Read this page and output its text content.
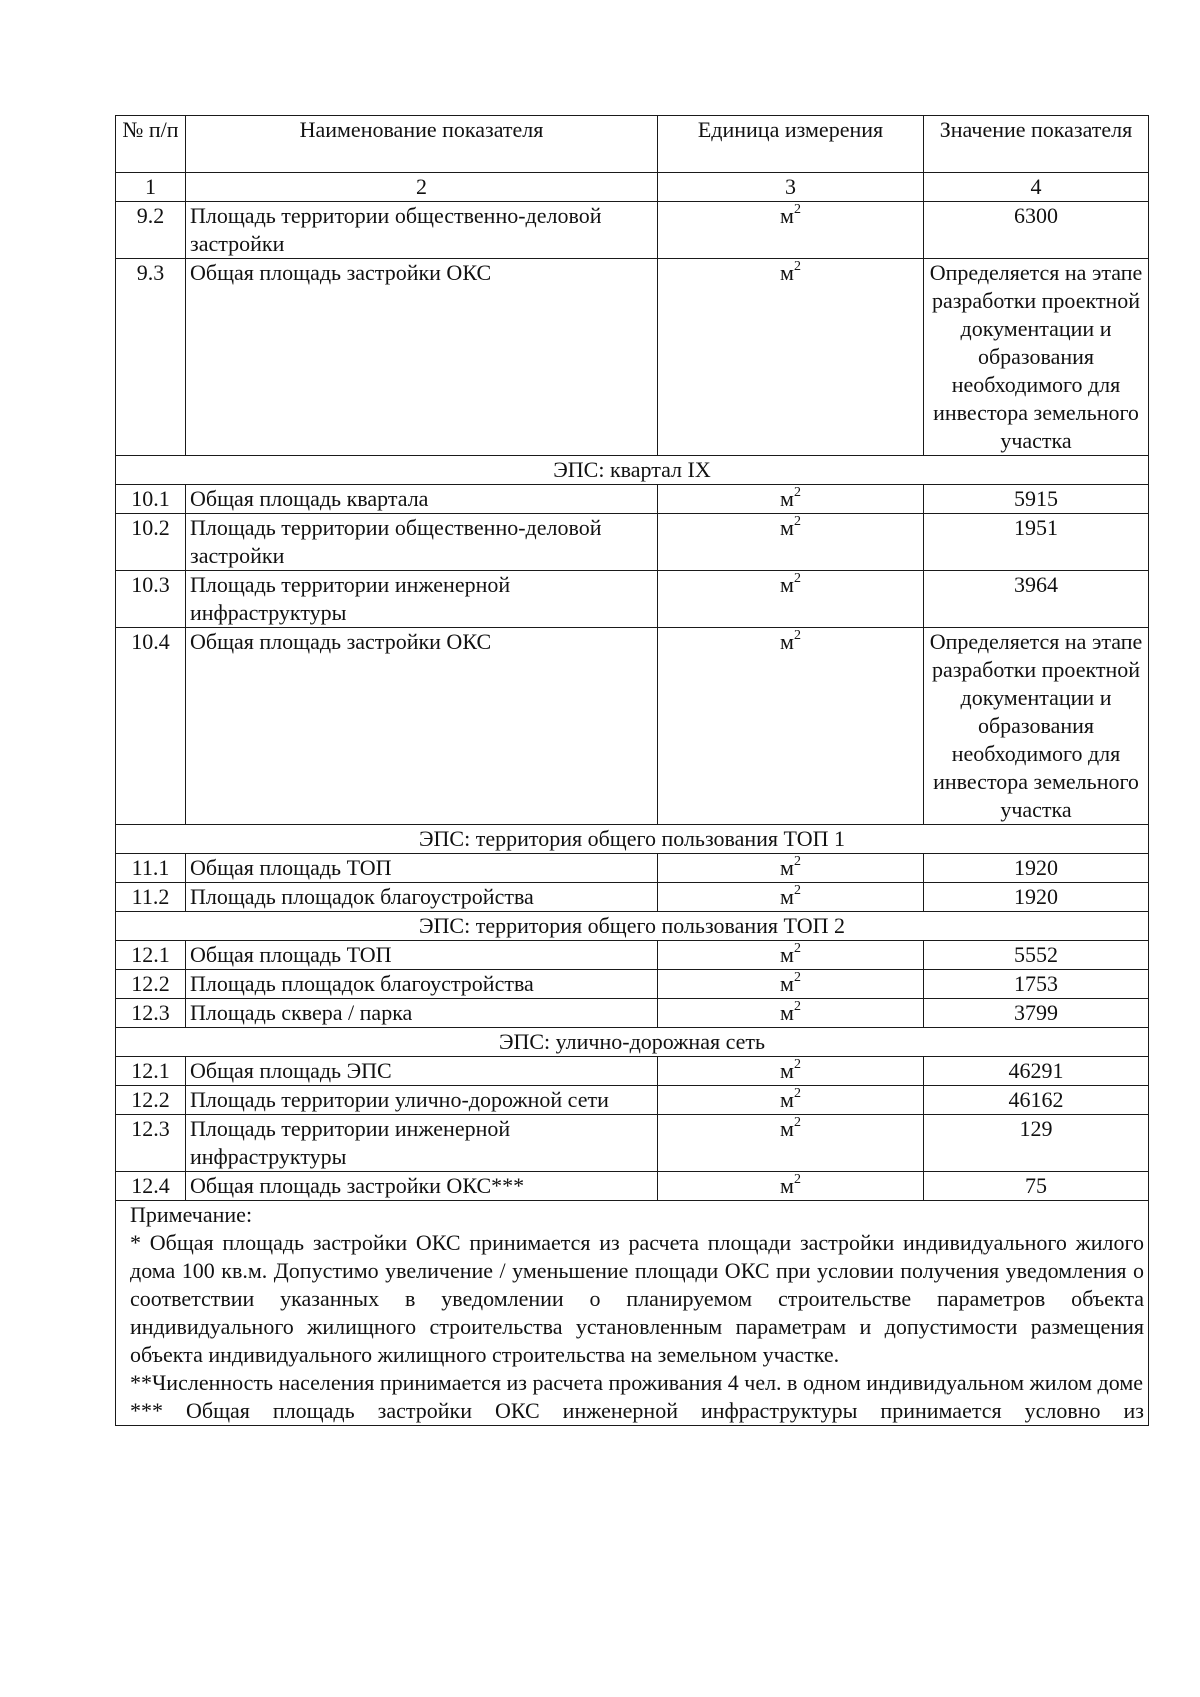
№ п/п	Наименование показателя	Единица измерения	Значение показателя
1	2	3	4
9.2	Площадь территории общественно-деловой застройки	$м^2$	6300
9.3	Общая площадь застройки ОКС	$м^2$	Определяется на этапе разработки проектной документации и образования необходимого для инвестора земельного участка
ЭПС: квартал IX			
10.1	Общая площадь квартала	$м^2$	5915
10.2	Площадь территории общественно-деловой застройки	$м^2$	1951
10.3	Площадь территории инженерной инфраструктуры	$м^2$	3964
10.4	Общая площадь застройки ОКС	$м^2$	Определяется на этапе разработки проектной документации и образования необходимого для инвестора земельного участка
ЭПС: территория общего пользования ТОП 1			
11.1	Общая площадь ТОП	$м^2$	1920
11.2	Площадь площадок благоустройства	$м^2$	1920
ЭПС: территория общего пользования ТОП 2			
12.1	Общая площадь ТОП	$м^2$	5552
12.2	Площадь площадок благоустройства	$м^2$	1753
12.3	Площадь сквера / парка	$м^2$	3799
ЭПС: улично-дорожная сеть			
12.1	Общая площадь ЭПС	$м^2$	46291
12.2	Площадь территории улично-дорожной сети	$м^2$	46162
12.3	Площадь территории инженерной инфраструктуры	$м^2$	129
12.4	Общая площадь застройки ОКС***	$м^2$	75

Примечание:

* Общая площадь застройки ОКС принимается из расчета площади застройки индивидуального жилого дома 100 кв.м. Допустимо увеличение / уменьшение площади ОКС при условии получения уведомления о соответствии указанных в уведомлении о планируемом строительстве параметров объекта индивидуального жилищного строительства установленным параметрам и допустимости размещения объекта индивидуального жилищного строительства на земельном участке.

**Численность населения принимается из расчета проживания 4 чел. в одном индивидуальном жилом доме

*** Общая площадь застройки ОКС инженерной инфраструктуры принимается условно из			
